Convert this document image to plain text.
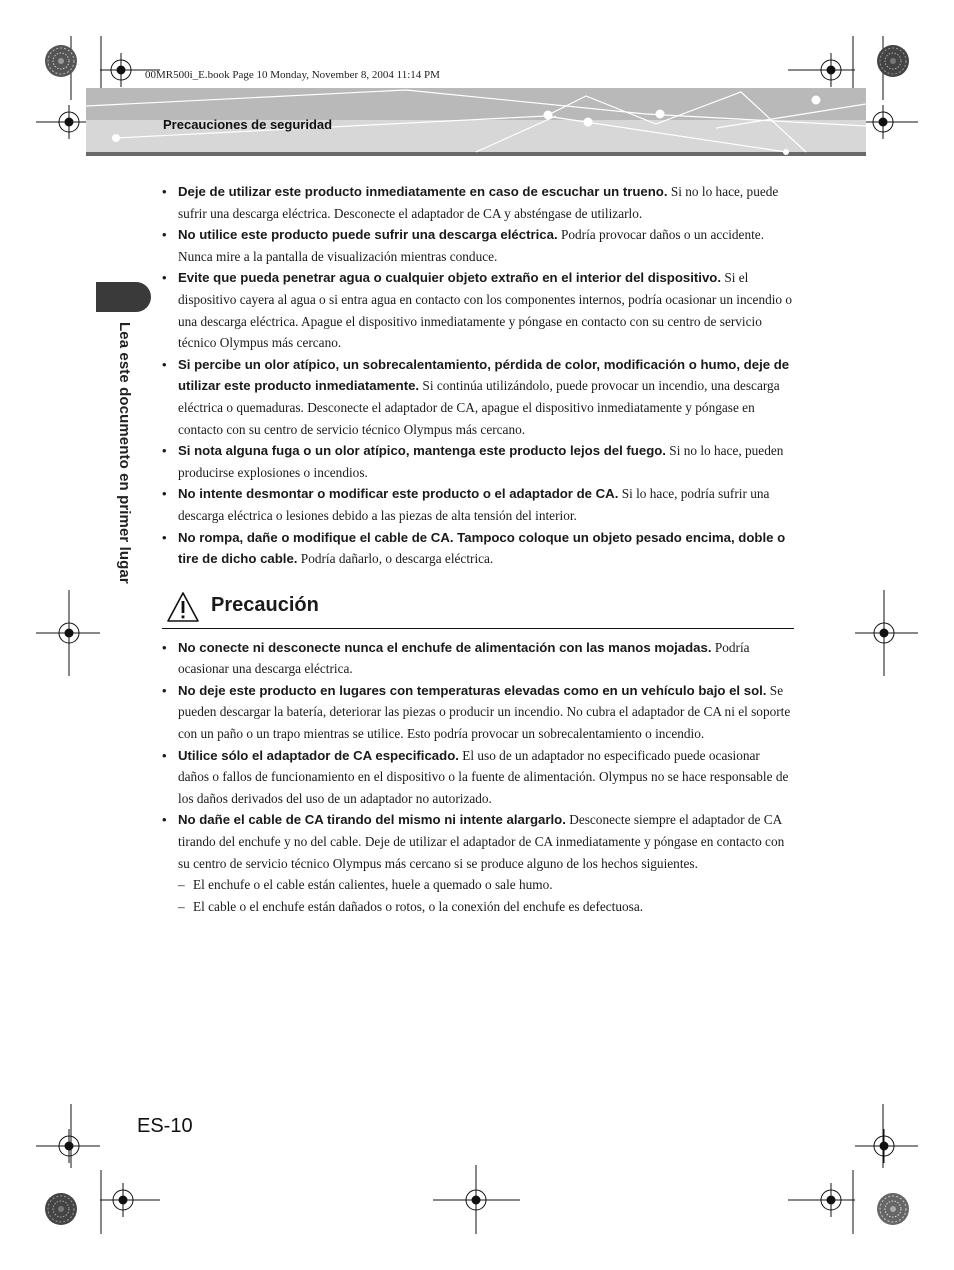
00MR500i_E.book Page 10 Monday, November 8, 2004 11:14 PM
Precauciones de seguridad
Lea este documento en primer lugar
• Deje de utilizar este producto inmediatamente en caso de escuchar un trueno. Si no lo hace, puede sufrir una descarga eléctrica. Desconecte el adaptador de CA y absténgase de utilizarlo.
• No utilice este producto puede sufrir una descarga eléctrica. Podría provocar daños o un accidente. Nunca mire a la pantalla de visualización mientras conduce.
• Evite que pueda penetrar agua o cualquier objeto extraño en el interior del dispositivo. Si el dispositivo cayera al agua o si entra agua en contacto con los componentes internos, podría ocasionar un incendio o una descarga eléctrica. Apague el dispositivo inmediatamente y póngase en contacto con su centro de servicio técnico Olympus más cercano.
• Si percibe un olor atípico, un sobrecalentamiento, pérdida de color, modificación o humo, deje de utilizar este producto inmediatamente. Si continúa utilizándolo, puede provocar un incendio, una descarga eléctrica o quemaduras. Desconecte el adaptador de CA, apague el dispositivo inmediatamente y póngase en contacto con su centro de servicio técnico Olympus más cercano.
• Si nota alguna fuga o un olor atípico, mantenga este producto lejos del fuego. Si no lo hace, pueden producirse explosiones o incendios.
• No intente desmontar o modificar este producto o el adaptador de CA. Si lo hace, podría sufrir una descarga eléctrica o lesiones debido a las piezas de alta tensión del interior.
• No rompa, dañe o modifique el cable de CA. Tampoco coloque un objeto pesado encima, doble o tire de dicho cable. Podría dañarlo, o descarga eléctrica.
Precaución
• No conecte ni desconecte nunca el enchufe de alimentación con las manos mojadas. Podría ocasionar una descarga eléctrica.
• No deje este producto en lugares con temperaturas elevadas como en un vehículo bajo el sol. Se pueden descargar la batería, deteriorar las piezas o producir un incendio. No cubra el adaptador de CA ni el soporte con un paño o un trapo mientras se utilice. Esto podría provocar un sobrecalentamiento o incendio.
• Utilice sólo el adaptador de CA especificado. El uso de un adaptador no especificado puede ocasionar daños o fallos de funcionamiento en el dispositivo o la fuente de alimentación. Olympus no se hace responsable de los daños derivados del uso de un adaptador no autorizado.
• No dañe el cable de CA tirando del mismo ni intente alargarlo. Desconecte siempre el adaptador de CA tirando del enchufe y no del cable. Deje de utilizar el adaptador de CA inmediatamente y póngase en contacto con su centro de servicio técnico Olympus más cercano si se produce alguno de los hechos siguientes.
– El enchufe o el cable están calientes, huele a quemado o sale humo.
– El cable o el enchufe están dañados o rotos, o la conexión del enchufe es defectuosa.
ES-10
